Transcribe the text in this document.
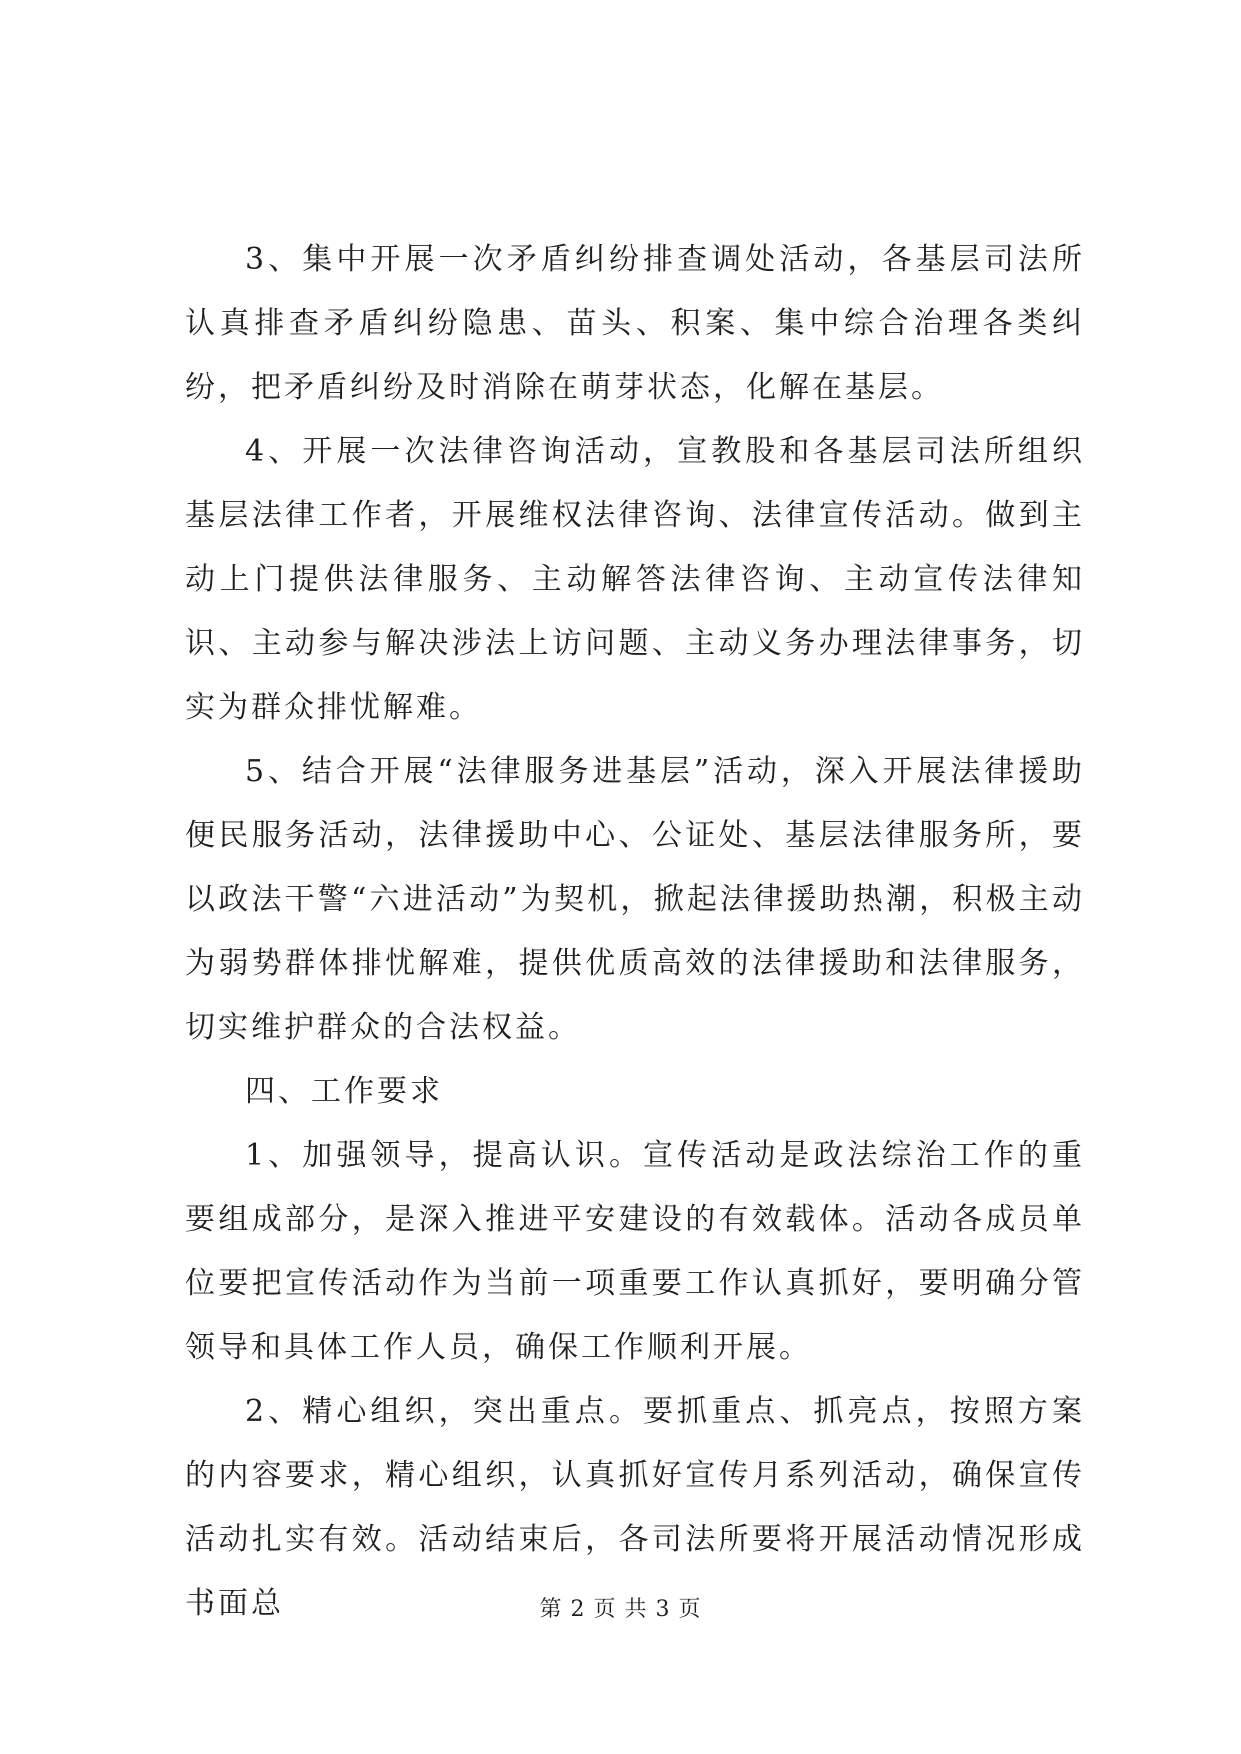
3、集中开展一次矛盾纠纷排查调处活动，各基层司法所认真排查矛盾纠纷隐患、苗头、积案、集中综合治理各类纠纷，把矛盾纠纷及时消除在萌芽状态，化解在基层。

4、开展一次法律咨询活动，宣教股和各基层司法所组织基层法律工作者，开展维权法律咨询、法律宣传活动。做到主动上门提供法律服务、主动解答法律咨询、主动宣传法律知识、主动参与解决涉法上访问题、主动义务办理法律事务，切实为群众排忧解难。

5、结合开展“法律服务进基层”活动，深入开展法律援助便民服务活动，法律援助中心、公证处、基层法律服务所，要以政法干警“六进活动”为契机，掀起法律援助热潮，积极主动为弱势群体排忧解难，提供优质高效的法律援助和法律服务，切实维护群众的合法权益。

四、工作要求

1、加强领导，提高认识。宣传活动是政法综治工作的重要组成部分，是深入推进平安建设的有效载体。活动各成员单位要把宣传活动作为当前一项重要工作认真抓好，要明确分管领导和具体工作人员，确保工作顺利开展。

2、精心组织，突出重点。要抓重点、抓亮点，按照方案的内容要求，精心组织，认真抓好宣传月系列活动，确保宣传活动扎实有效。活动结束后，各司法所要将开展活动情况形成书面总	第 2 页 共 3 页
